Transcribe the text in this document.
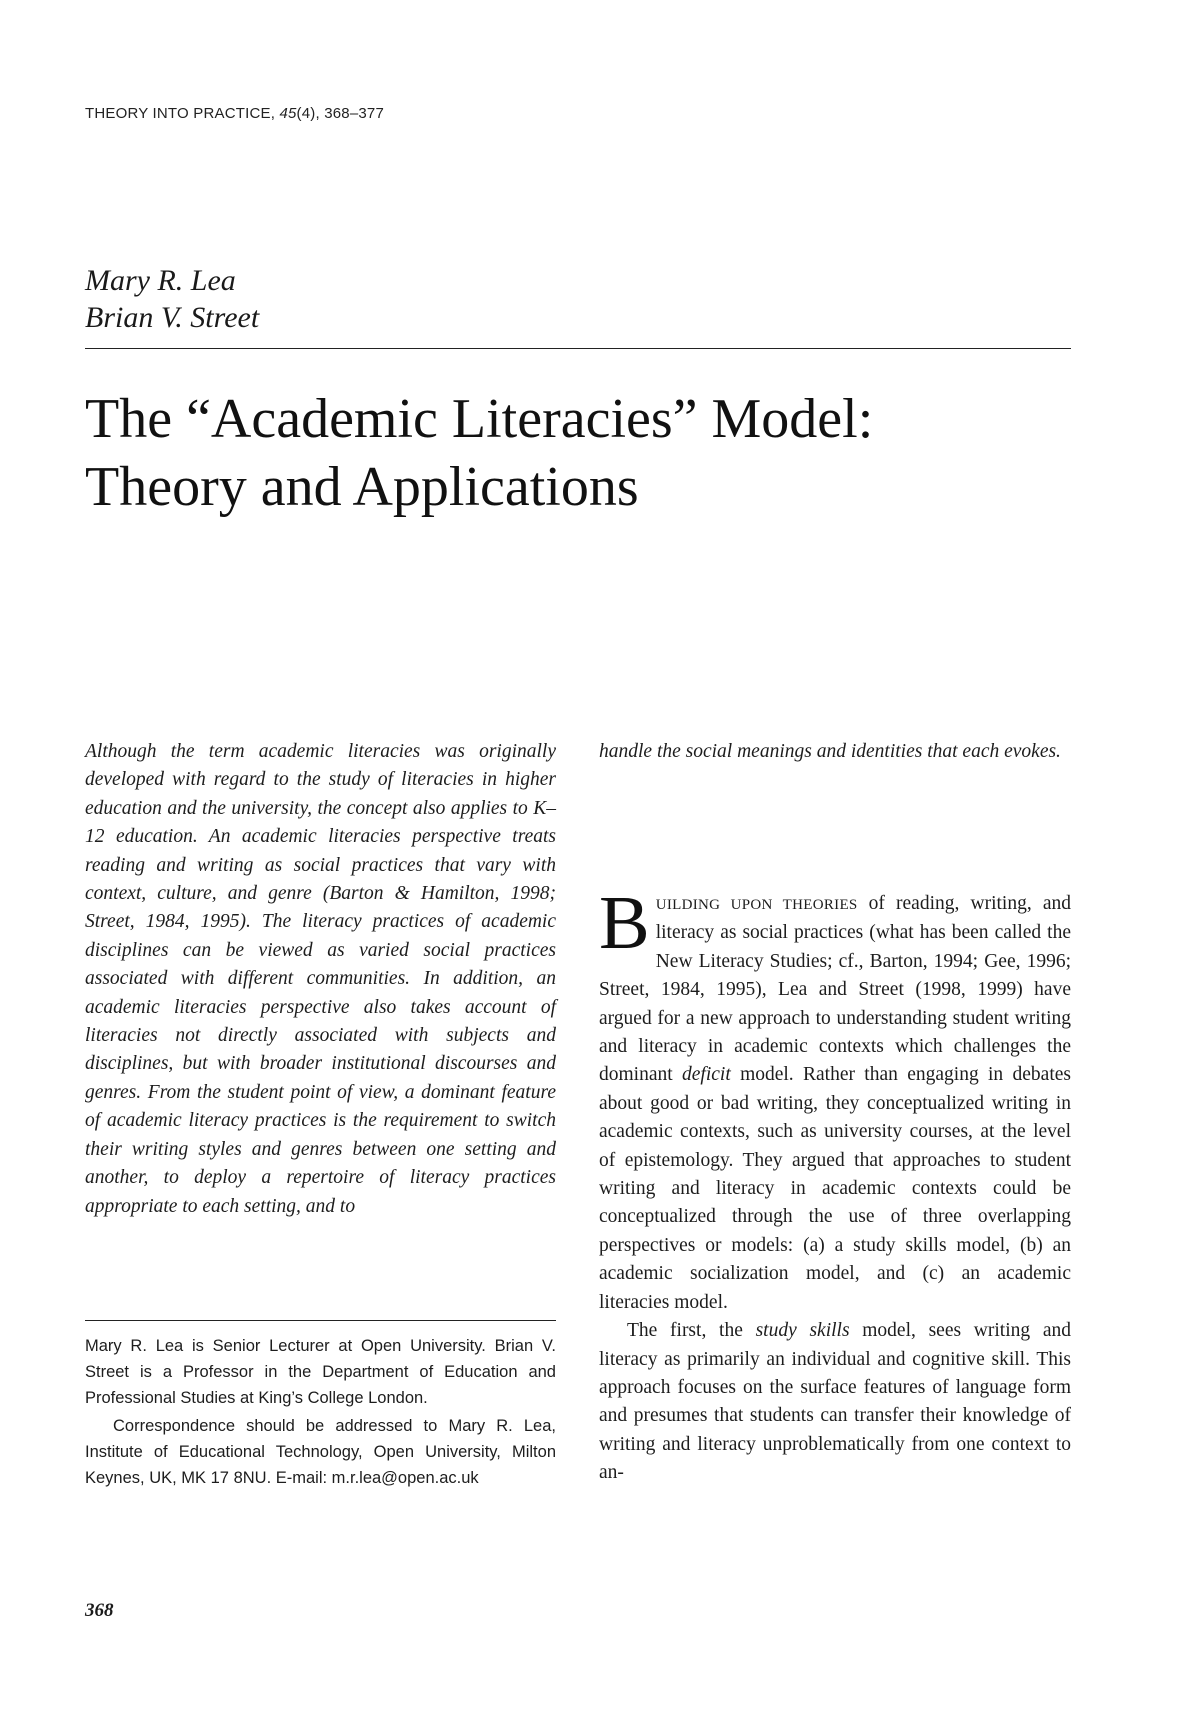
THEORY INTO PRACTICE, 45(4), 368–377
Mary R. Lea
Brian V. Street
The “Academic Literacies” Model:
Theory and Applications
Although the term academic literacies was originally developed with regard to the study of literacies in higher education and the university, the concept also applies to K–12 education. An academic literacies perspective treats reading and writing as social practices that vary with context, culture, and genre (Barton & Hamilton, 1998; Street, 1984, 1995). The literacy practices of academic disciplines can be viewed as varied social practices associated with different communities. In addition, an academic literacies perspective also takes account of literacies not directly associated with subjects and disciplines, but with broader institutional discourses and genres. From the student point of view, a dominant feature of academic literacy practices is the requirement to switch their writing styles and genres between one setting and another, to deploy a repertoire of literacy practices appropriate to each setting, and to
handle the social meanings and identities that each evokes.

BUILDING UPON THEORIES of reading, writing, and literacy as social practices (what has been called the New Literacy Studies; cf., Barton, 1994; Gee, 1996; Street, 1984, 1995), Lea and Street (1998, 1999) have argued for a new approach to understanding student writing and literacy in academic contexts which challenges the dominant deficit model. Rather than engaging in debates about good or bad writing, they conceptualized writing in academic contexts, such as university courses, at the level of epistemology. They argued that approaches to student writing and literacy in academic contexts could be conceptualized through the use of three overlapping perspectives or models: (a) a study skills model, (b) an academic socialization model, and (c) an academic literacies model.

The first, the study skills model, sees writing and literacy as primarily an individual and cognitive skill. This approach focuses on the surface features of language form and presumes that students can transfer their knowledge of writing and literacy unproblematically from one context to an-

Mary R. Lea is Senior Lecturer at Open University. Brian V. Street is a Professor in the Department of Education and Professional Studies at King’s College London.

Correspondence should be addressed to Mary R. Lea, Institute of Educational Technology, Open University, Milton Keynes, UK, MK 17 8NU. E-mail: m.r.lea@open.ac.uk

368
